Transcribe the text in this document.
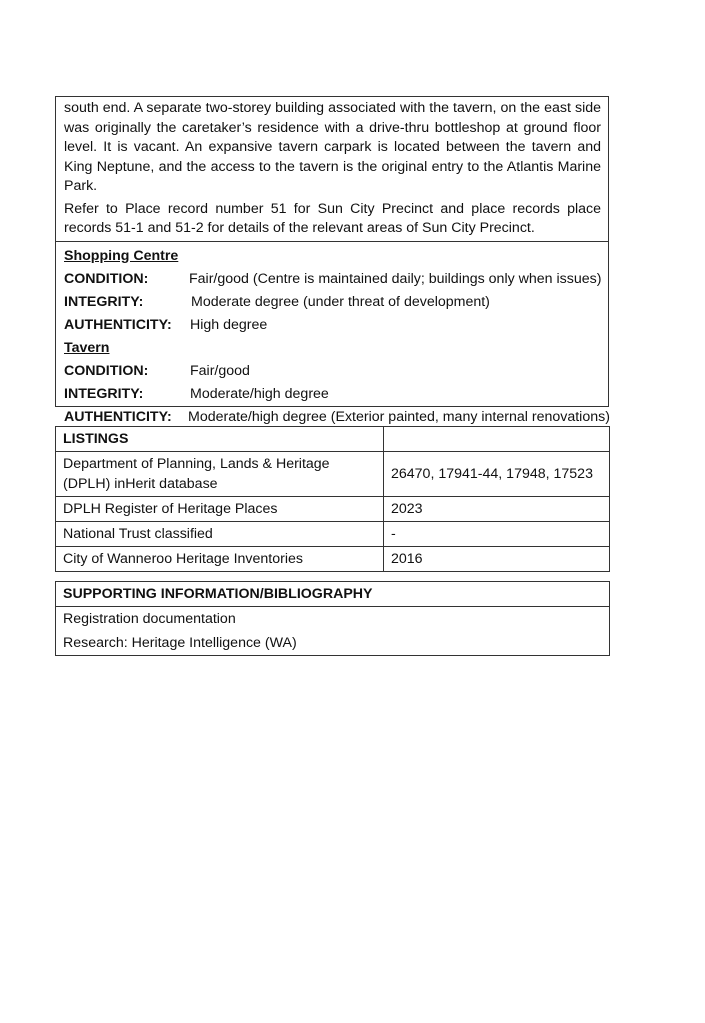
south end. A separate two-storey building associated with the tavern, on the east side was originally the caretaker’s residence with a drive-thru bottleshop at ground floor level. It is vacant. An expansive tavern carpark is located between the tavern and King Neptune, and the access to the tavern is the original entry to the Atlantis Marine Park.

Refer to Place record number 51 for Sun City Precinct and place records place records 51-1 and 51-2 for details of the relevant areas of Sun City Precinct.

Shopping Centre
CONDITION:	Fair/good (Centre is maintained daily; buildings only when issues)
INTEGRITY:	Moderate degree (under threat of development)
AUTHENTICITY: High degree
Tavern
CONDITION:	Fair/good
INTEGRITY:	Moderate/high degree
AUTHENTICITY: Moderate/high degree (Exterior painted, many internal renovations)
LISTINGS	
Department of Planning, Lands & Heritage (DPLH) inHerit database	26470, 17941-44, 17948, 17523
DPLH Register of Heritage Places	2023
National Trust classified	-
City of Wanneroo Heritage Inventories	2016
SUPPORTING INFORMATION/BIBLIOGRAPHY
Registration documentation
Research: Heritage Intelligence (WA)
